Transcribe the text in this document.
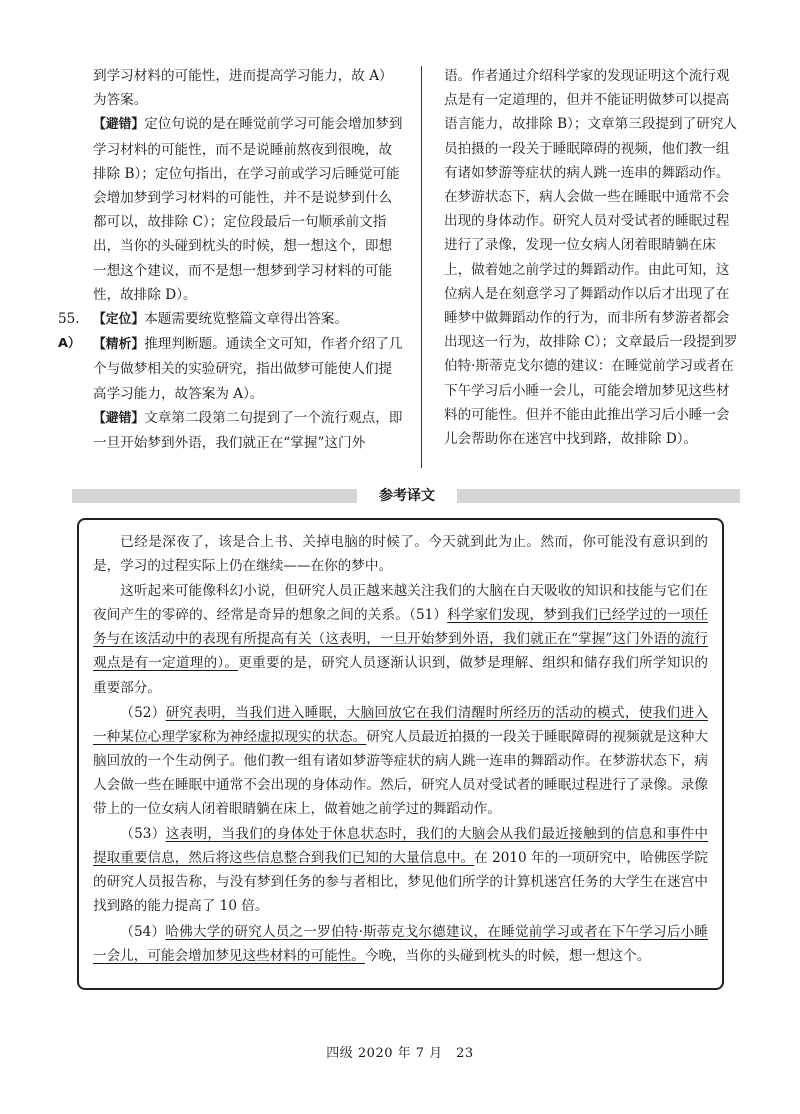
到学习材料的可能性，进而提高学习能力，故 A）为答案。

【避错】定位句说的是在睡觉前学习可能会增加梦到学习材料的可能性，而不是说睡前熬夜到很晚，故排除 B）；定位句指出，在学习前或学习后睡觉可能会增加梦到学习材料的可能性，并不是说梦到什么都可以，故排除 C）；定位段最后一句顺承前文指出，当你的头碰到枕头的时候，想一想这个，即想一想这个建议，而不是想一想梦到学习材料的可能性，故排除 D）。

55. 【定位】本题需要统览整篇文章得出答案。

A） 【精析】推理判断题。通读全文可知，作者介绍了几个与做梦相关的实验研究，指出做梦可能使人们提高学习能力，故答案为 A）。

【避错】文章第二段第二句提到了一个流行观点，即一旦开始梦到外语，我们就正在“掌握”这门外

语。作者通过介绍科学家的发现证明这个流行观点是有一定道理的，但并不能证明做梦可以提高语言能力，故排除 B）；文章第三段提到了研究人员拍摄的一段关于睡眠障碍的视频，他们教一组有诸如梦游等症状的病人跳一连串的舞蹈动作。在梦游状态下，病人会做一些在睡眠中通常不会出现的身体动作。研究人员对受试者的睡眠过程进行了录像，发现一位女病人闭着眼睛躺在床上，做着她之前学过的舞蹈动作。由此可知，这位病人是在刻意学习了舞蹈动作以后才出现了在睡梦中做舞蹈动作的行为，而非所有梦游者都会出现这一行为，故排除 C）；文章最后一段提到罗伯特·斯蒂克戈尔德的建议：在睡觉前学习或者在下午学习后小睡一会儿，可能会增加梦见这些材料的可能性。但并不能由此推出学习后小睡一会儿会帮助你在迷宫中找到路，故排除 D）。

参考译文

已经是深夜了，该是合上书、关掉电脑的时候了。今天就到此为止。然而，你可能没有意识到的是，学习的过程实际上仍在继续——在你的梦中。

这听起来可能像科幻小说，但研究人员正越来越关注我们的大脑在白天吸收的知识和技能与它们在夜间产生的零碎的、经常是奇异的想象之间的关系。（51）科学家们发现，梦到我们已经学过的一项任务与在该活动中的表现有所提高有关（这表明，一旦开始梦到外语，我们就正在“掌握”这门外语的流行观点是有一定道理的）。更重要的是，研究人员逐渐认识到，做梦是理解、组织和储存我们所学知识的重要部分。

（52）研究表明，当我们进入睡眠，大脑回放它在我们清醒时所经历的活动的模式，使我们进入一种某位心理学家称为神经虚拟现实的状态。研究人员最近拍摄的一段关于睡眠障碍的视频就是这种大脑回放的一个生动例子。他们教一组有诸如梦游等症状的病人跳一连串的舞蹈动作。在梦游状态下，病人会做一些在睡眠中通常不会出现的身体动作。然后，研究人员对受试者的睡眠过程进行了录像。录像带上的一位女病人闭着眼睛躺在床上，做着她之前学过的舞蹈动作。

（53）这表明，当我们的身体处于休息状态时，我们的大脑会从我们最近接触到的信息和事件中提取重要信息，然后将这些信息整合到我们已知的大量信息中。在 2010 年的一项研究中，哈佛医学院的研究人员报告称，与没有梦到任务的参与者相比，梦见他们所学的计算机迷宫任务的大学生在迷宫中找到路的能力提高了 10 倍。

（54）哈佛大学的研究人员之一罗伯特·斯蒂克戈尔德建议，在睡觉前学习或者在下午学习后小睡一会儿，可能会增加梦见这些材料的可能性。今晚，当你的头碰到枕头的时候，想一想这个。

四级 2020 年 7 月　23
